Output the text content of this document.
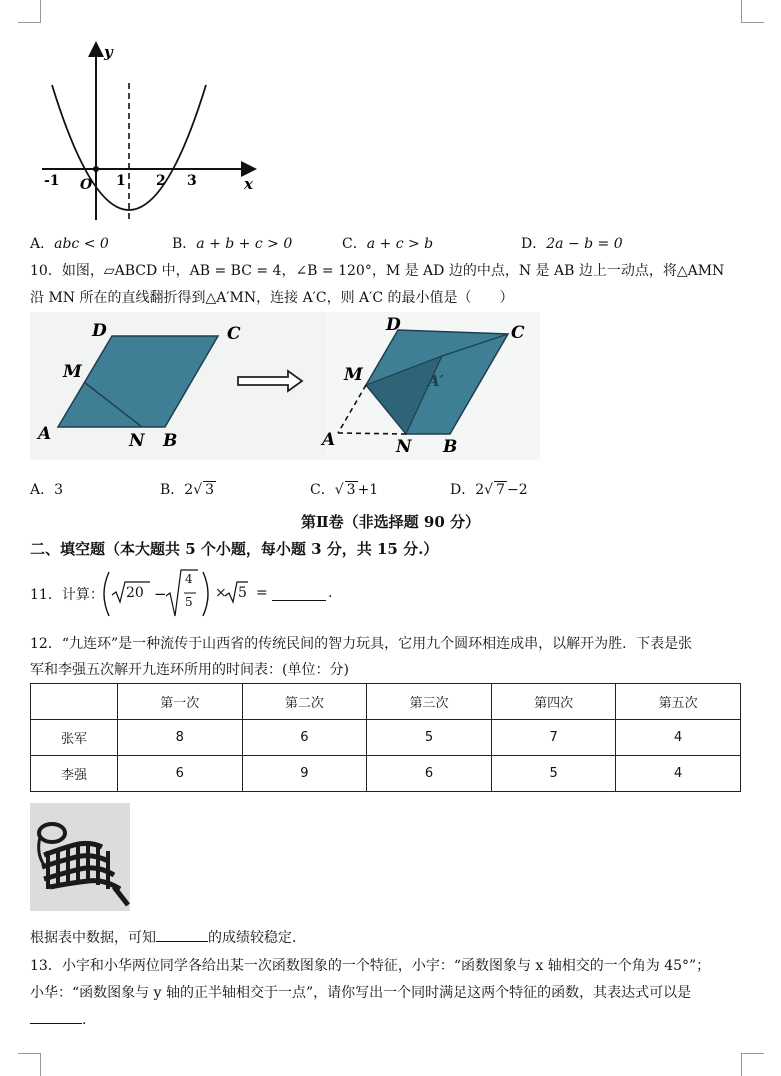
y
x
-1 O 1 2 3
A．abc < 0	B．a + b + c > 0	C．a + c > b	D．2a − b = 0
10．如图，▱ABCD 中，AB = BC = 4，∠B = 120°，M 是 AD 边的中点，N 是 AB 边上一动点，将△AMN
沿 MN 所在的直线翻折得到△A′MN，连接 A′C，则 A′C 的最小值是（　　）
D	C
M
A	N B
D	C
M	A′
A	N B
A．3	B．2√ 3	C．√ 3 +1	D．2√ 7 −2
第Ⅱ卷（非选择题 90 分）
二、填空题（本大题共 5 个小题，每小题 3 分，共 15 分.）
11．计算：	−
20
4
5
× 5 =	.
12．“九连环”是一种流传于山西省的传统民间的智力玩具，它用九个圆环相连成串，以解开为胜．下表是张
军和李强五次解开九连环所用的时间表：(单位：分)
	第一次	第二次	第三次	第四次	第五次
张军	8	6	5	7	4
李强	6	9	6	5	4
根据表中数据，可知	的成绩较稳定．
13．小宇和小华两位同学各给出某一次函数图象的一个特征，小宇：“函数图象与 x 轴相交的一个角为 45°”；
小华：“函数图象与 y 轴的正半轴相交于一点”，请你写出一个同时满足这两个特征的函数，其表达式可以是
.
